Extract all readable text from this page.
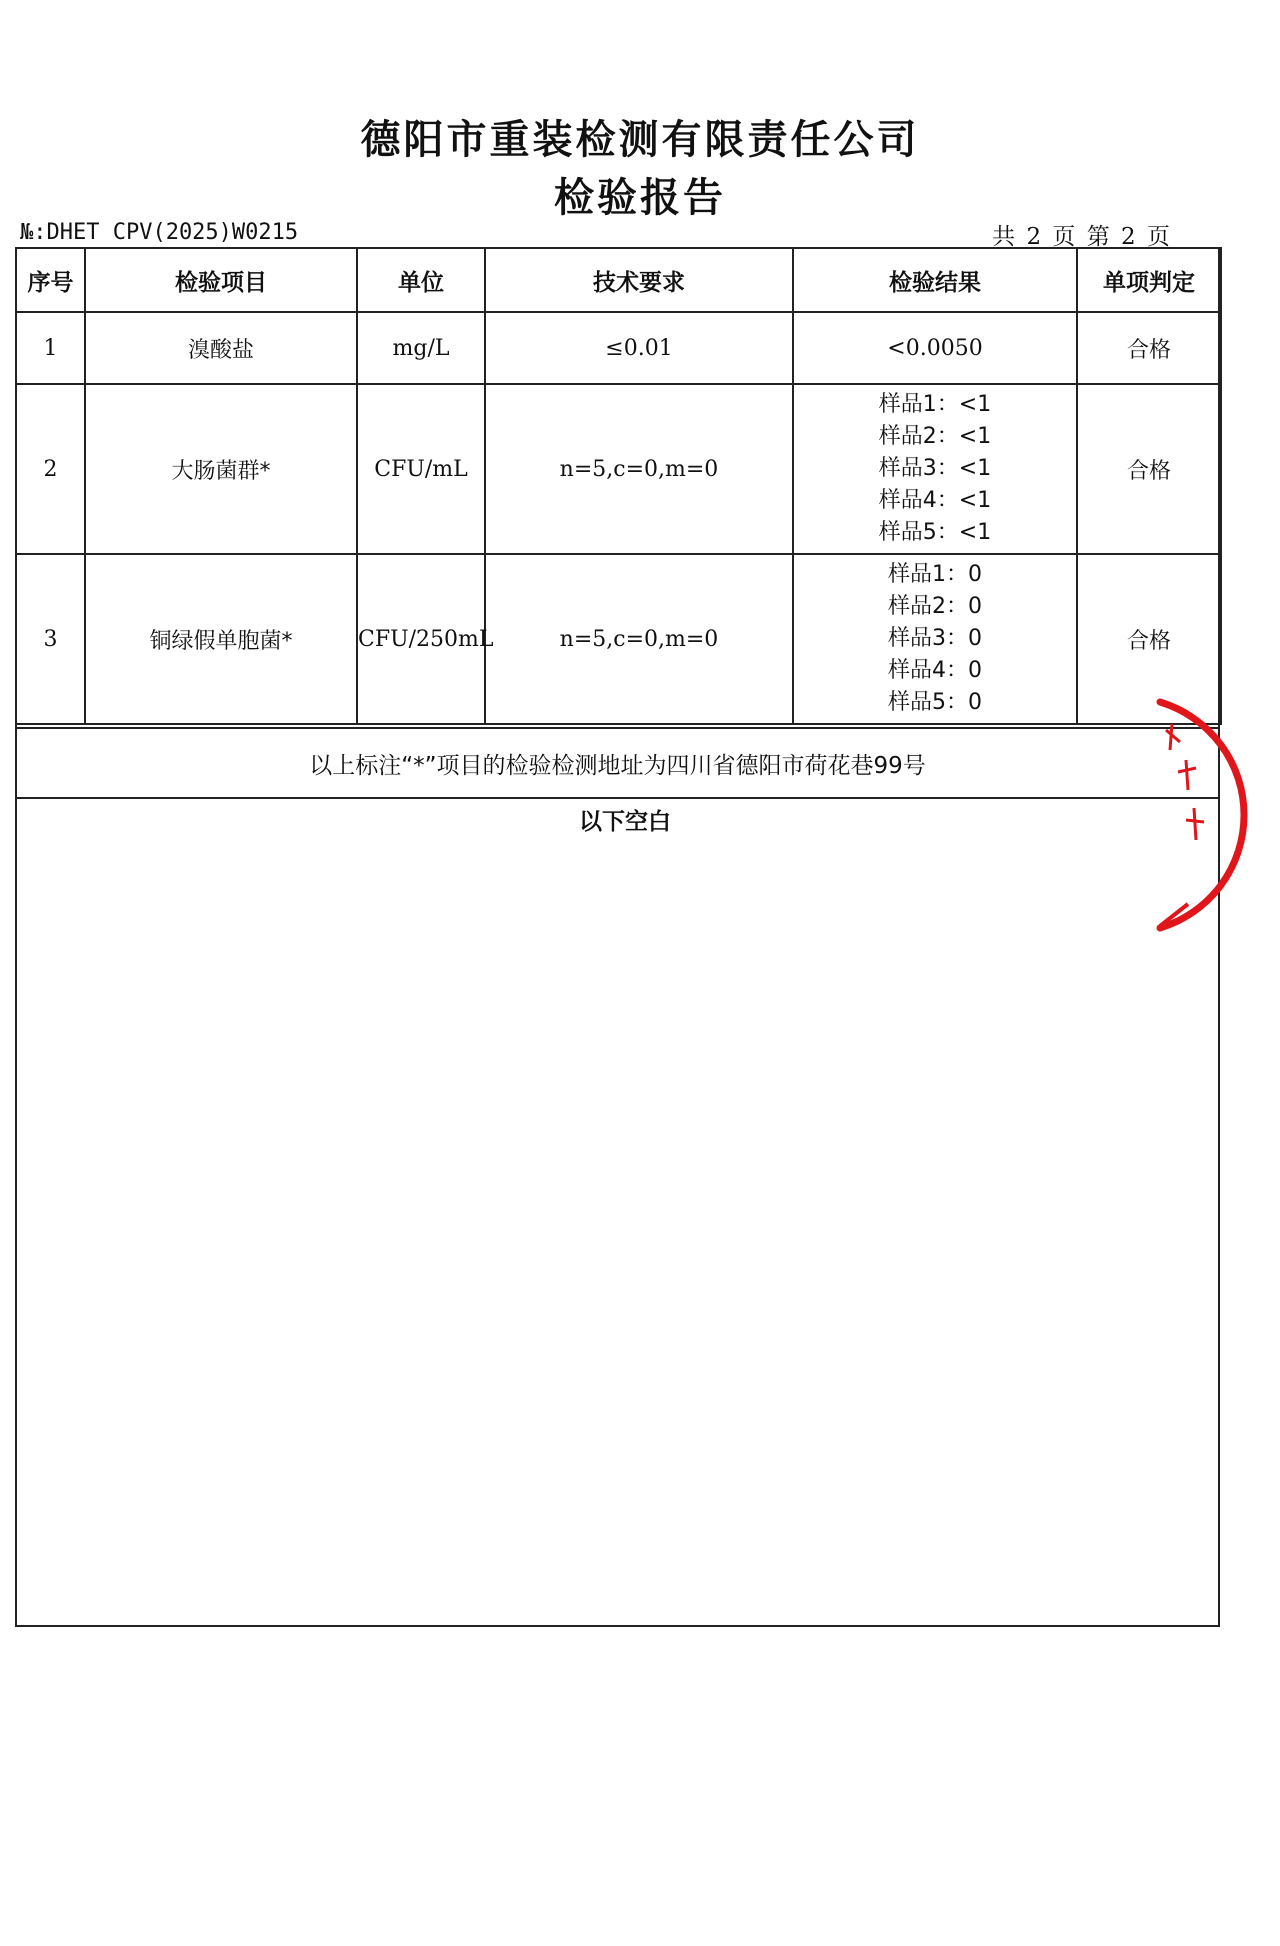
德阳市重装检测有限责任公司
检验报告
№:DHET CPV(2025)W0215	共 2 页 第 2 页
序号	检验项目	单位	技术要求	检验结果	单项判定
1	溴酸盐	mg/L	≤0.01	<0.0050	合格
2	大肠菌群*	CFU/mL	n=5,c=0,m=0	样品1：<1
样品2：<1
样品3：<1
样品4：<1
样品5：<1	合格
3	铜绿假单胞菌*	CFU/250mL	n=5,c=0,m=0	样品1：0
样品2：0
样品3：0
样品4：0
样品5：0	合格
以上标注“*”项目的检验检测地址为四川省德阳市荷花巷99号
以下空白
